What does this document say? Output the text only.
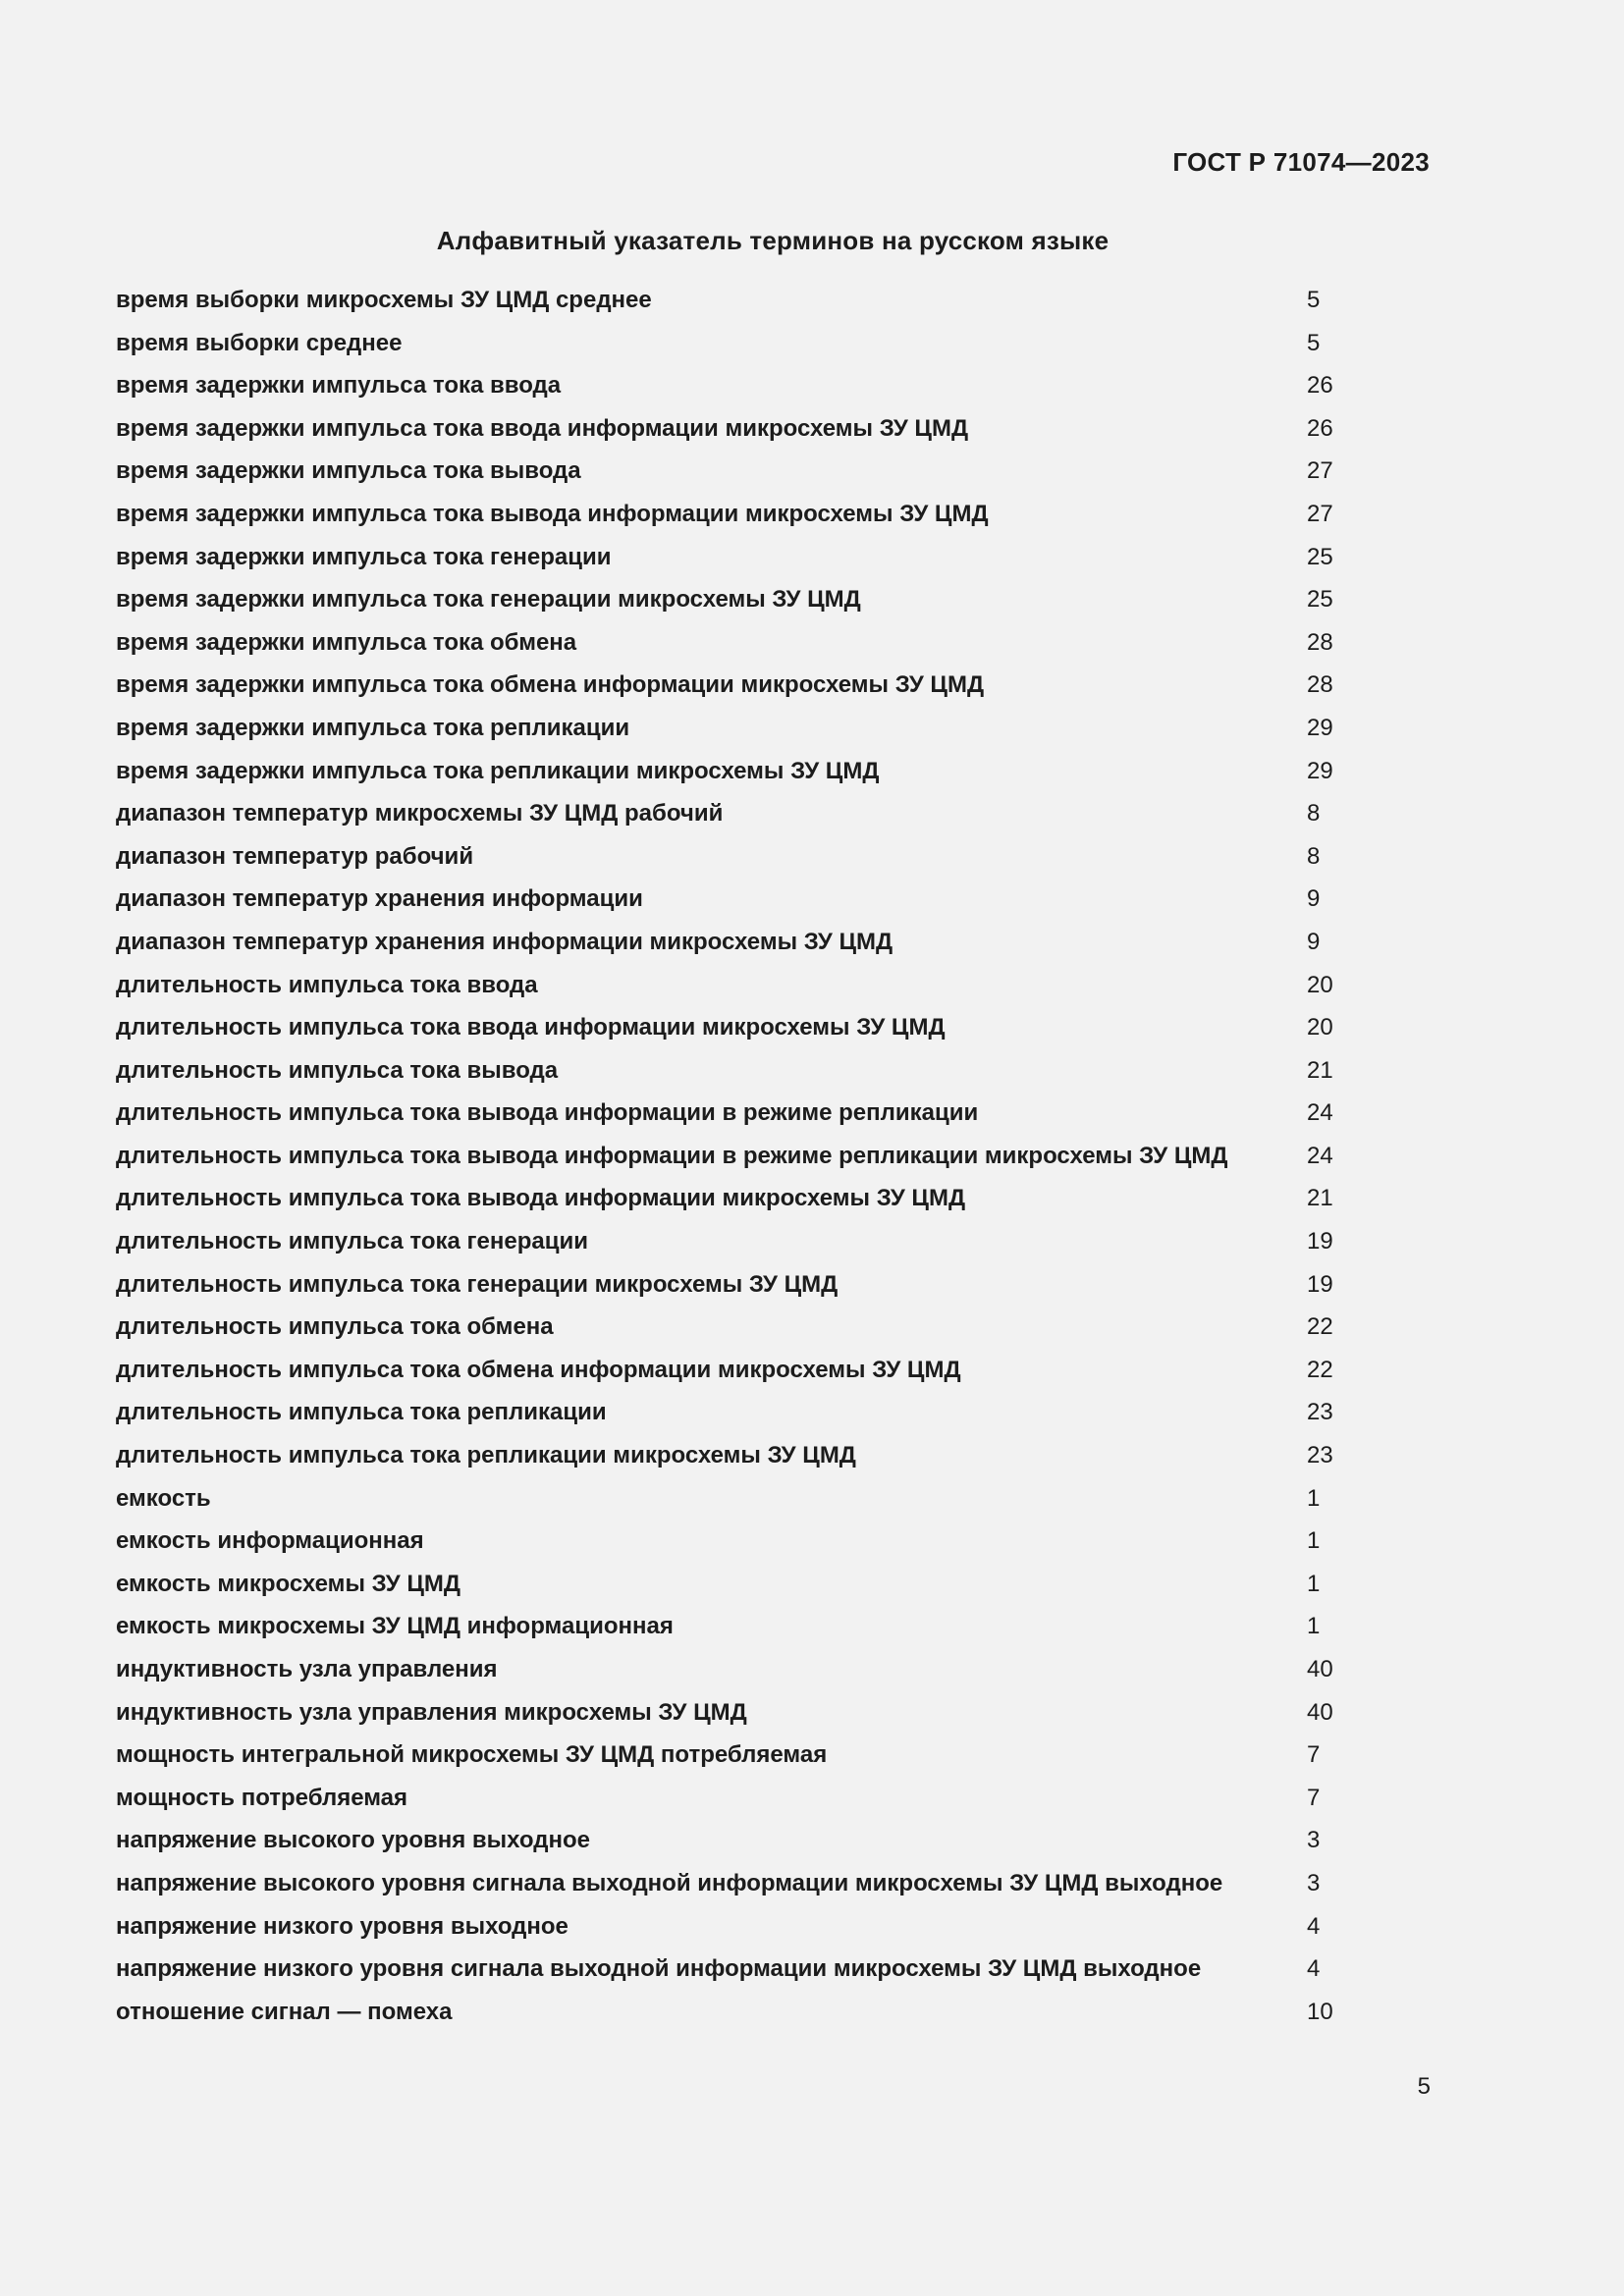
ГОСТ Р 71074—2023
Алфавитный указатель терминов на русском языке
время выборки микросхемы ЗУ ЦМД среднее	5
время выборки среднее	5
время задержки импульса тока ввода	26
время задержки импульса тока ввода информации микросхемы ЗУ ЦМД	26
время задержки импульса тока вывода	27
время задержки импульса тока вывода информации микросхемы ЗУ ЦМД	27
время задержки импульса тока генерации	25
время задержки импульса тока генерации микросхемы ЗУ ЦМД	25
время задержки импульса тока обмена	28
время задержки импульса тока обмена информации микросхемы ЗУ ЦМД	28
время задержки импульса тока репликации	29
время задержки импульса тока репликации микросхемы ЗУ ЦМД	29
диапазон температур микросхемы ЗУ ЦМД рабочий	8
диапазон температур рабочий	8
диапазон температур хранения информации	9
диапазон температур хранения информации микросхемы ЗУ ЦМД	9
длительность импульса тока ввода	20
длительность импульса тока ввода информации микросхемы ЗУ ЦМД	20
длительность импульса тока вывода	21
длительность импульса тока вывода информации в режиме репликации	24
длительность импульса тока вывода информации в режиме репликации микросхемы ЗУ ЦМД	24
длительность импульса тока вывода информации микросхемы ЗУ ЦМД	21
длительность импульса тока генерации	19
длительность импульса тока генерации микросхемы ЗУ ЦМД	19
длительность импульса тока обмена	22
длительность импульса тока обмена информации микросхемы ЗУ ЦМД	22
длительность импульса тока репликации	23
длительность импульса тока репликации микросхемы ЗУ ЦМД	23
емкость	1
емкость информационная	1
емкость микросхемы ЗУ ЦМД	1
емкость микросхемы ЗУ ЦМД информационная	1
индуктивность узла управления	40
индуктивность узла управления микросхемы ЗУ ЦМД	40
мощность интегральной микросхемы ЗУ ЦМД потребляемая	7
мощность потребляемая	7
напряжение высокого уровня выходное	3
напряжение высокого уровня сигнала выходной информации микросхемы ЗУ ЦМД выходное	3
напряжение низкого уровня выходное	4
напряжение низкого уровня сигнала выходной информации микросхемы ЗУ ЦМД выходное	4
отношение сигнал — помеха	10
5
